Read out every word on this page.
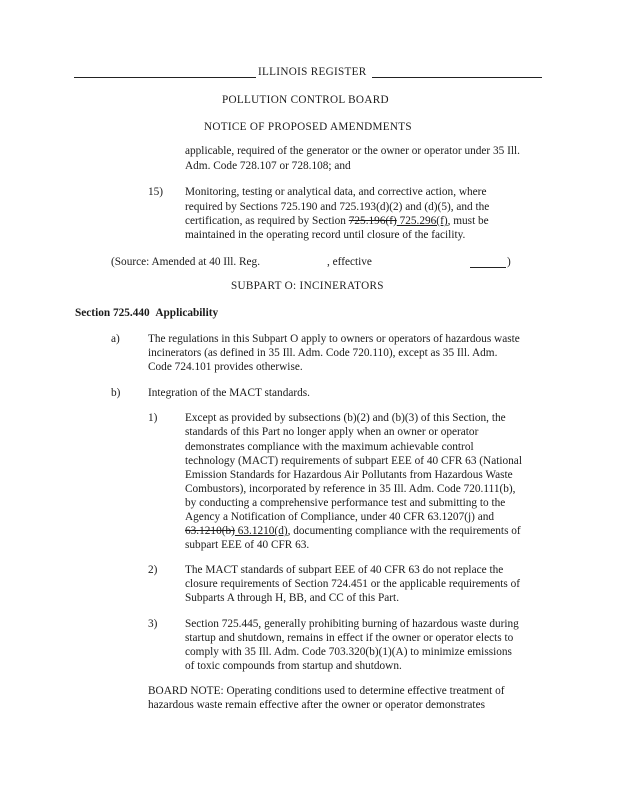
ILLINOIS REGISTER
POLLUTION CONTROL BOARD
NOTICE OF PROPOSED AMENDMENTS
applicable, required of the generator or the owner or operator under 35 Ill.
Adm. Code 728.107 or 728.108; and
15) Monitoring, testing or analytical data, and corrective action, where
required by Sections 725.190 and 725.193(d)(2) and (d)(5), and the
certification, as required by Section 725.196(f) 725.296(f), must be
maintained in the operating record until closure of the facility.
(Source: Amended at 40 Ill. Reg.	, effective	)
SUBPART O: INCINERATORS
Section 725.440 Applicability
a) The regulations in this Subpart O apply to owners or operators of hazardous waste
incinerators (as defined in 35 Ill. Adm. Code 720.110), except as 35 Ill. Adm.
Code 724.101 provides otherwise.
b) Integration of the MACT standards.
1) Except as provided by subsections (b)(2) and (b)(3) of this Section, the
standards of this Part no longer apply when an owner or operator
demonstrates compliance with the maximum achievable control
technology (MACT) requirements of subpart EEE of 40 CFR 63 (National
Emission Standards for Hazardous Air Pollutants from Hazardous Waste
Combustors), incorporated by reference in 35 Ill. Adm. Code 720.111(b),
by conducting a comprehensive performance test and submitting to the
Agency a Notification of Compliance, under 40 CFR 63.1207(j) and
63.1210(b) 63.1210(d), documenting compliance with the requirements of
subpart EEE of 40 CFR 63.
2) The MACT standards of subpart EEE of 40 CFR 63 do not replace the
closure requirements of Section 724.451 or the applicable requirements of
Subparts A through H, BB, and CC of this Part.
3) Section 725.445, generally prohibiting burning of hazardous waste during
startup and shutdown, remains in effect if the owner or operator elects to
comply with 35 Ill. Adm. Code 703.320(b)(1)(A) to minimize emissions
of toxic compounds from startup and shutdown.
BOARD NOTE: Operating conditions used to determine effective treatment of
hazardous waste remain effective after the owner or operator demonstrates
